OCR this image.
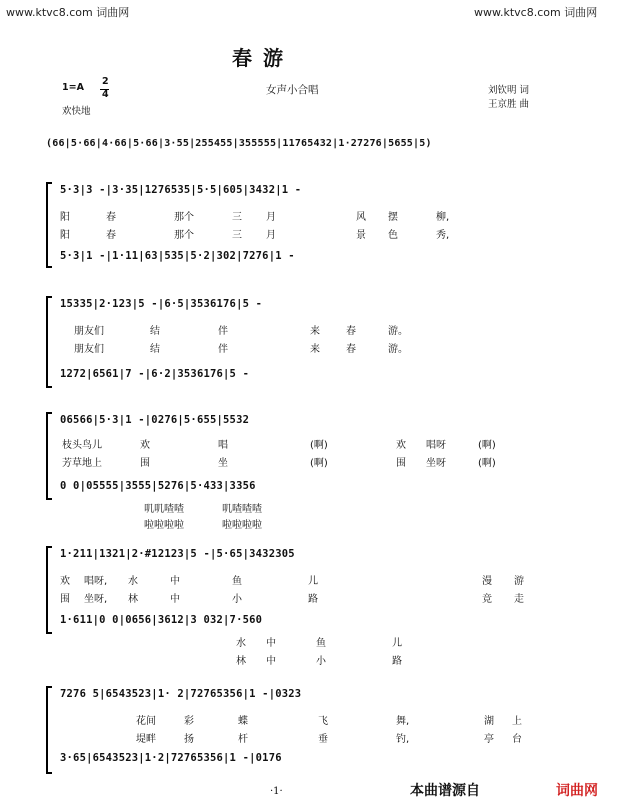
www.ktvc8.com 词曲网	www.ktvc8.com 词曲网
春 游
1=A
2
4
欢快地
女声小合唱	刘钦明 词
王京胜 曲
(66|5·66|4·66|5·66|3·55|255455|355555|11765432|1·27276|5655|5)
5·3|3 -|3·35|1276535|5·5|605|3432|1 -
阳	春	那个	三 月	风 摆	柳,
阳	春	那个	三 月	景 色	秀,
5·3|1 -|1·11|63|535|5·2|302|7276|1 -
15335|2·123|5 -|6·5|3536176|5 -
朋友们	结	伴	来	春	游。
朋友们	结	伴	来	春	游。
1272|6561|7 -|6·2|3536176|5 -
06566|5·3|1 -|0276|5·655|5532
枝头鸟儿	欢	唱	(啊)	欢 唱呀	(啊)
芳草地上	围	坐	(啊)	围 坐呀	(啊)
0 0|05555|3555|5276|5·433|3356
叽叽喳喳	叽喳喳喳
啦啦啦啦	啦啦啦啦
1·211|1321|2·#12123|5 -|5·65|3432305
欢 唱呀, 水	中	鱼	儿	漫 游
围 坐呀, 林	中	小	路	竞 走
1·611|0 0|0656|3612|3 032|7·560
水 中	鱼	儿
林 中	小	路
7276 5|6543523|1· 2|72765356|1 -|0323
花间	彩	蝶	飞	舞,	湖 上
堤畔	扬	杆	垂	钓,	亭 台
3·65|6543523|1·2|72765356|1 -|0176
·1·	本曲谱源自	词曲网
